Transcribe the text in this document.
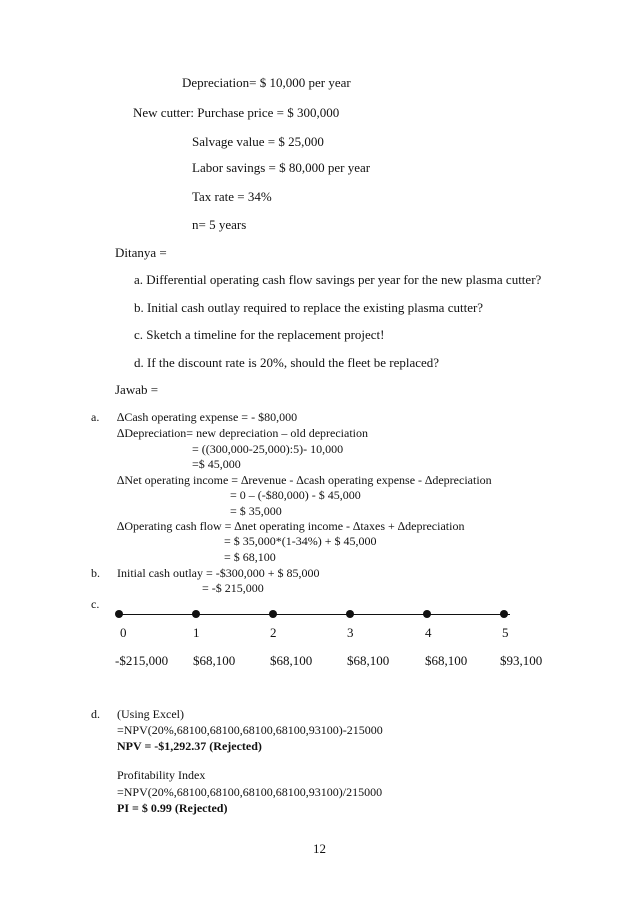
Depreciation= $ 10,000 per year
New cutter: Purchase price = $ 300,000
Salvage value = $ 25,000
Labor savings = $ 80,000 per year
Tax rate = 34%
n= 5 years
Ditanya =
a. Differential operating cash flow savings per year for the new plasma cutter?
b. Initial cash outlay required to replace the existing plasma cutter?
c. Sketch a timeline for the replacement project!
d. If the discount rate is 20%, should the fleet be replaced?
Jawab =
a. ∆Cash operating expense = - $80,000
∆Depreciation= new depreciation – old depreciation
= ((300,000-25,000):5)- 10,000
=$ 45,000
∆Net operating income = ∆revenue - ∆cash operating expense - ∆depreciation
= 0 – (-$80,000) - $ 45,000
= $ 35,000
∆Operating cash flow = ∆net operating income - ∆taxes + ∆depreciation
= $ 35,000*(1-34%) + $ 45,000
= $ 68,100
b. Initial cash outlay = -$300,000 + $ 85,000
= -$ 215,000
c.
0	1	2	3	4	5
-$215,000 $68,100	$68,100	$68,100	$68,100	$93,100
d. (Using Excel)
=NPV(20%,68100,68100,68100,68100,93100)-215000
NPV = -$1,292.37 (Rejected)
Profitability Index
=NPV(20%,68100,68100,68100,68100,93100)/215000
PI = $ 0.99 (Rejected)
12
